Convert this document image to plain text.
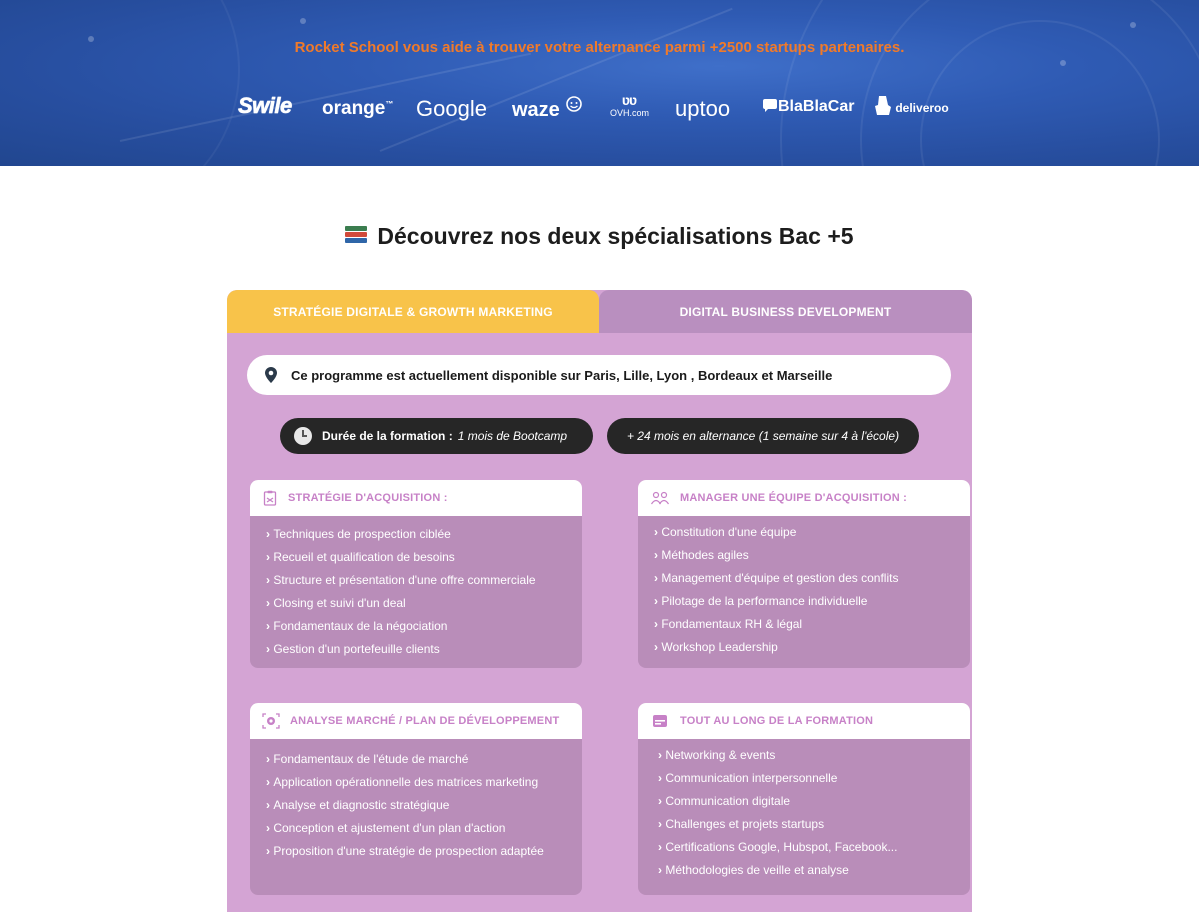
Rocket School vous aide à trouver votre alternance parmi +2500 startups partenaires.
Swile orange™ Google waze	ʋʋ
OVH.com uptoo	BlaBlaCar	deliveroo
Découvrez nos deux spécialisations Bac +5
STRATÉGIE DIGITALE & GROWTH MARKETING	DIGITAL BUSINESS DEVELOPMENT
Ce programme est actuellement disponible sur Paris, Lille, Lyon , Bordeaux et Marseille
Durée de la formation : 1 mois de Bootcamp	+ 24 mois en alternance
(1 semaine sur 4 à l'école)
STRATÉGIE D'ACQUISITION :
› Techniques de prospection ciblée
› Recueil et qualification de besoins
› Structure et présentation d'une offre commerciale
› Closing et suivi d'un deal
› Fondamentaux de la négociation
› Gestion d'un portefeuille clients
MANAGER UNE ÉQUIPE D'ACQUISITION :
› Constitution d'une équipe
› Méthodes agiles
› Management d'équipe et gestion des conflits
› Pilotage de la performance individuelle
› Fondamentaux RH & légal
› Workshop Leadership
ANALYSE MARCHÉ / PLAN DE DÉVELOPPEMENT
› Fondamentaux de l'étude de marché
› Application opérationnelle des matrices marketing
› Analyse et diagnostic stratégique
› Conception et ajustement d'un plan d'action
› Proposition d'une stratégie de prospection adaptée
TOUT AU LONG DE LA FORMATION
› Networking & events
› Communication interpersonnelle
› Communication digitale
› Challenges et projets startups
› Certifications Google, Hubspot, Facebook...
› Méthodologies de veille et analyse
